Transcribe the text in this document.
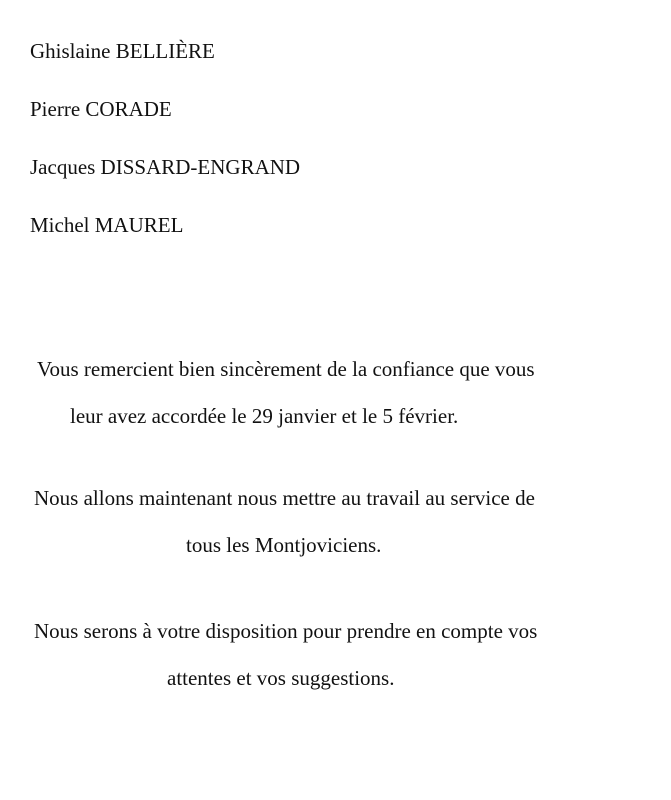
Ghislaine BELLIÈRE
Pierre CORADE
Jacques DISSARD-ENGRAND
Michel MAUREL
Vous remercient bien sincèrement de la confiance que vous
leur avez accordée le 29 janvier et le 5 février.
Nous allons maintenant nous mettre au travail au service de
tous les Montjoviciens.
Nous serons à votre disposition pour prendre en compte vos
attentes et vos suggestions.
